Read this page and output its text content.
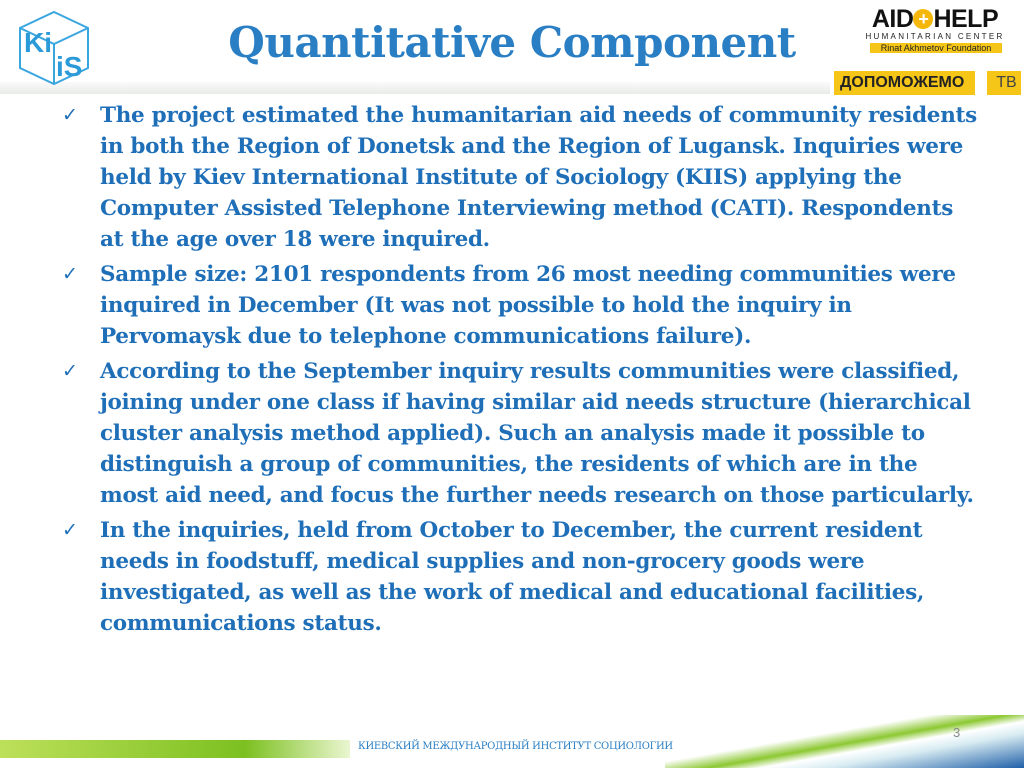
Ki
iS	Quantitative Component	AID + HELP
HUMANITARIAN CENTER
Rinat Akhmetov Foundation
ДОПОМОЖЕМО	ТВ
✓ The project estimated the humanitarian aid needs of community residents in both the Region of Donetsk and the Region of Lugansk. Inquiries were held by Kiev International Institute of Sociology (KIIS) applying the Computer Assisted Telephone Interviewing method (CATI). Respondents at the age over 18 were inquired.
✓ Sample size: 2101 respondents from 26 most needing communities were inquired in December (It was not possible to hold the inquiry in Pervomaysk due to telephone communications failure).
✓ According to the September inquiry results communities were classified, joining under one class if having similar aid needs structure (hierarchical cluster analysis method applied). Such an analysis made it possible to distinguish a group of communities, the residents of which are in the most aid need, and focus the further needs research on those particularly.
✓ In the inquiries, held from October to December, the current resident needs in foodstuff, medical supplies and non-grocery goods were investigated, as well as the work of medical and educational facilities, communications status.
КИЕВСКИЙ МЕЖДУНАРОДНЫЙ ИНСТИТУТ СОЦИОЛОГИИ
3
